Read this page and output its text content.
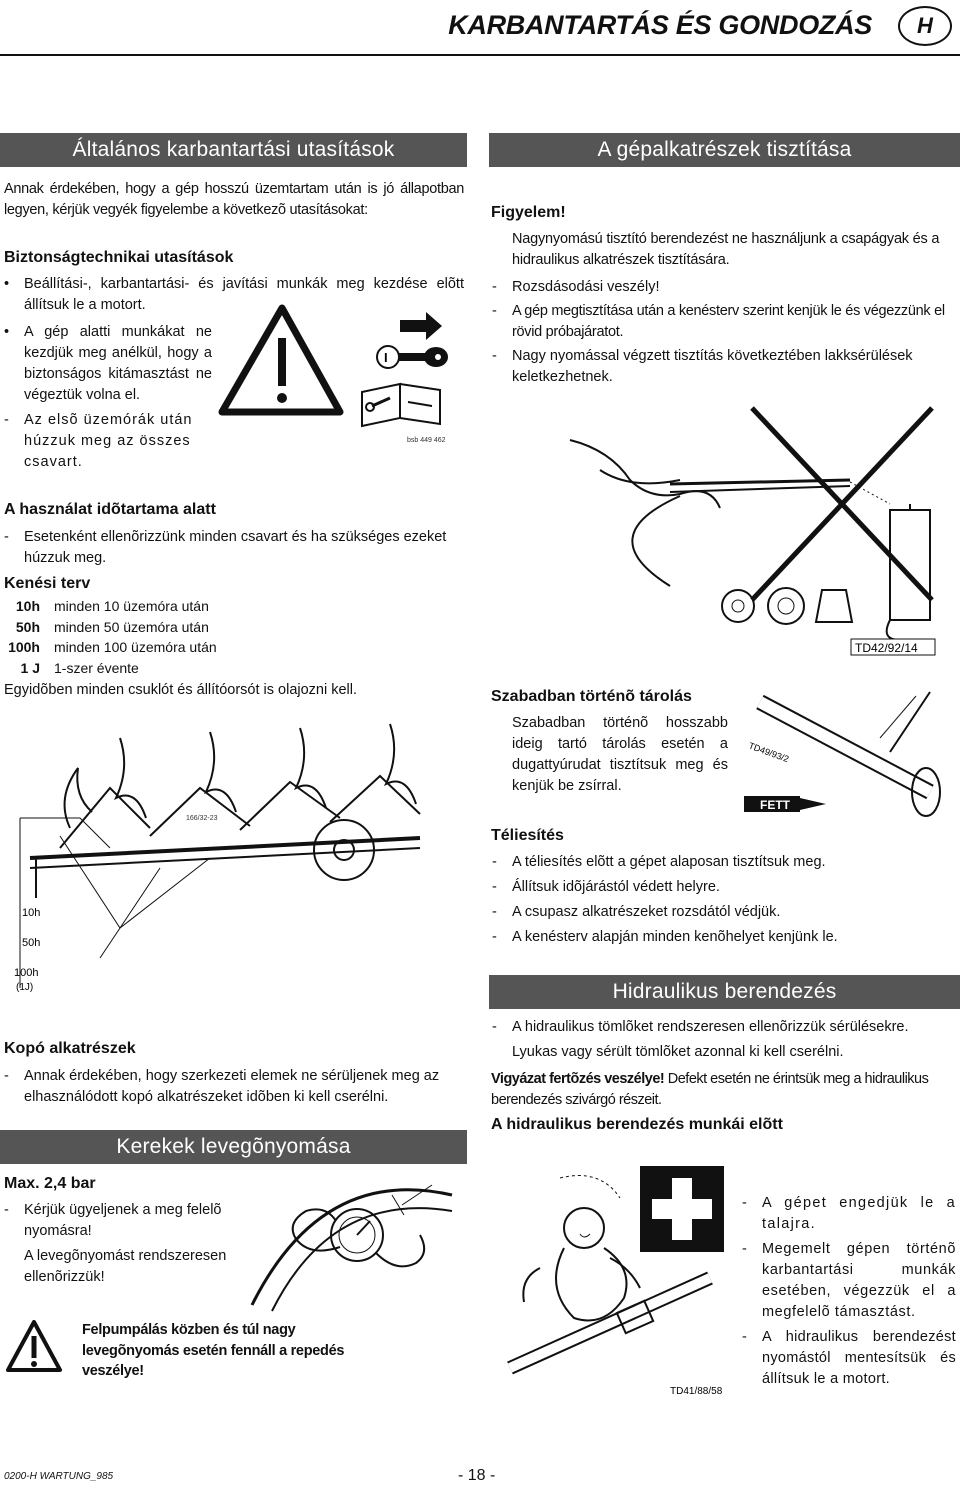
KARBANTARTÁS ÉS GONDOZÁS	H
Általános karbantartási utasítások
Annak érdekében, hogy a gép hosszú üzemtartam után is jó állapotban legyen, kérjük vegyék figyelembe a következõ utasításokat:
Biztonságtechnikai utasítások
• Beállítási-, karbantartási- és javítási munkák meg kezdése elõtt állítsuk le a motort.
• A gép alatti munkákat ne kezdjük meg anélkül, hogy a biztonságos kitámasztást ne végeztük volna el.
- Az elsõ üzemórák után húzzuk meg az összes csavart.
I
bsb 449 462
A használat idõtartama alatt
- Esetenként ellenõrizzünk minden csavart és ha szükséges ezeket húzzuk meg.
Kenési terv
10h minden 10 üzemóra után
50h minden 50 üzemóra után
100h minden 100 üzemóra után
1 J 1-szer évente
Egyidõben minden csuklót és állítóorsót is olajozni kell.
166/32-23
10h
50h
100h
(1J)
Kopó alkatrészek
- Annak érdekében, hogy szerkezeti elemek ne sérüljenek meg az elhasználódott kopó alkatrészeket idõben ki kell cserélni.
Kerekek levegõnyomása
Max. 2,4 bar
- Kérjük ügyeljenek a meg felelõ nyomásra!
A levegõnyomást rendszeresen ellenõrizzük!
Felpumpálás közben és túl nagy levegõnyomás esetén fennáll a repedés veszélye!
A gépalkatrészek tisztítása
Figyelem!
Nagynyomású tisztító berendezést ne használjunk a csapágyak és a hidraulikus alkatrészek tisztítására.
- Rozsdásodási veszély!
- A gép megtisztítása után a kenésterv szerint kenjük le és végezzünk el rövid próbajáratot.
- Nagy nyomással végzett tisztítás következtében lakksérülések keletkezhetnek.
TD42/92/14
Szabadban történõ tárolás
Szabadban történõ hosszabb ideig tartó tárolás esetén a dugattyúrudat tisztítsuk meg és kenjük be zsírral.
TD49/93/2
FETT
Téliesítés
- A téliesítés elõtt a gépet alaposan tisztítsuk meg.
- Állítsuk idõjárástól védett helyre.
- A csupasz alkatrészeket rozsdától védjük.
- A kenésterv alapján minden kenõhelyet kenjünk le.
Hidraulikus berendezés
- A hidraulikus tömlõket rendszeresen ellenõrizzük sérülésekre.
Lyukas vagy sérült tömlõket azonnal ki kell cserélni.
Vigyázat fertõzés veszélye! Defekt esetén ne érintsük meg a hidraulikus berendezés szivárgó részeit.
A hidraulikus berendezés munkái elõtt
TD41/88/58
- A gépet engedjük le a talajra.
- Megemelt gépen történõ karbantartási munkák esetében, végezzük el a megfelelõ támasztást.
- A hidraulikus berendezést nyomástól mentesítsük és állítsuk le a motort.
0200-H WARTUNG_985	- 18 -
